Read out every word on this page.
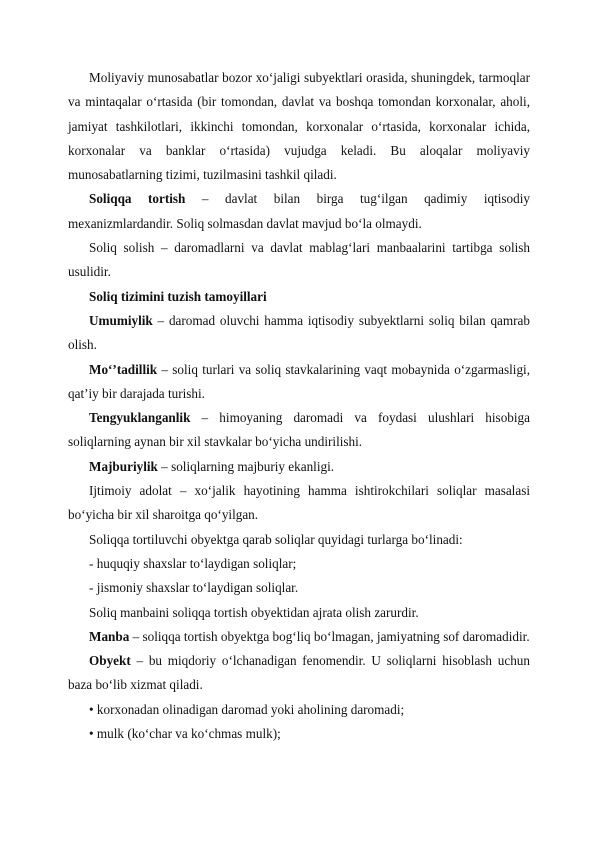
Moliyaviy munosabatlar bozor xo‘jaligi subyektlari orasida, shuningdek, tarmoqlar va mintaqalar o‘rtasida (bir tomondan, davlat va boshqa tomondan korxonalar, aholi, jamiyat tashkilotlari, ikkinchi tomondan, korxonalar o‘rtasida, korxonalar ichida, korxonalar va banklar o‘rtasida) vujudga keladi. Bu aloqalar moliyaviy munosabatlarning tizimi, tuzilmasini tashkil qiladi.

Soliqqa tortish – davlat bilan birga tug‘ilgan qadimiy iqtisodiy mexanizmlardandir. Soliq solmasdan davlat mavjud bo‘la olmaydi.

Soliq solish – daromadlarni va davlat mablag‘lari manbaalarini tartibga solish usulidir.

Soliq tizimini tuzish tamoyillari

Umumiylik – daromad oluvchi hamma iqtisodiy subyektlarni soliq bilan qamrab olish.

Mo‘’tadillik – soliq turlari va soliq stavkalarining vaqt mobaynida o‘zgarmasligi, qat’iy bir darajada turishi.

Tengyuklanganlik – himoyaning daromadi va foydasi ulushlari hisobiga soliqlarning aynan bir xil stavkalar bo‘yicha undirilishi.

Majburiylik – soliqlarning majburiy ekanligi.

Ijtimoiy adolat – xo‘jalik hayotining hamma ishtirokchilari soliqlar masalasi bo‘yicha bir xil sharoitga qo‘yilgan.

Soliqqa tortiluvchi obyektga qarab soliqlar quyidagi turlarga bo‘linadi:

- huquqiy shaxslar to‘laydigan soliqlar;

- jismoniy shaxslar to‘laydigan soliqlar.

Soliq manbaini soliqqa tortish obyektidan ajrata olish zarurdir.

Manba – soliqqa tortish obyektga bog‘liq bo‘lmagan, jamiyatning sof daromadidir.

Obyekt – bu miqdoriy o‘lchanadigan fenomendir. U soliqlarni hisoblash uchun baza bo‘lib xizmat qiladi.

• korxonadan olinadigan daromad yoki aholining daromadi;

• mulk (ko‘char va ko‘chmas mulk);
